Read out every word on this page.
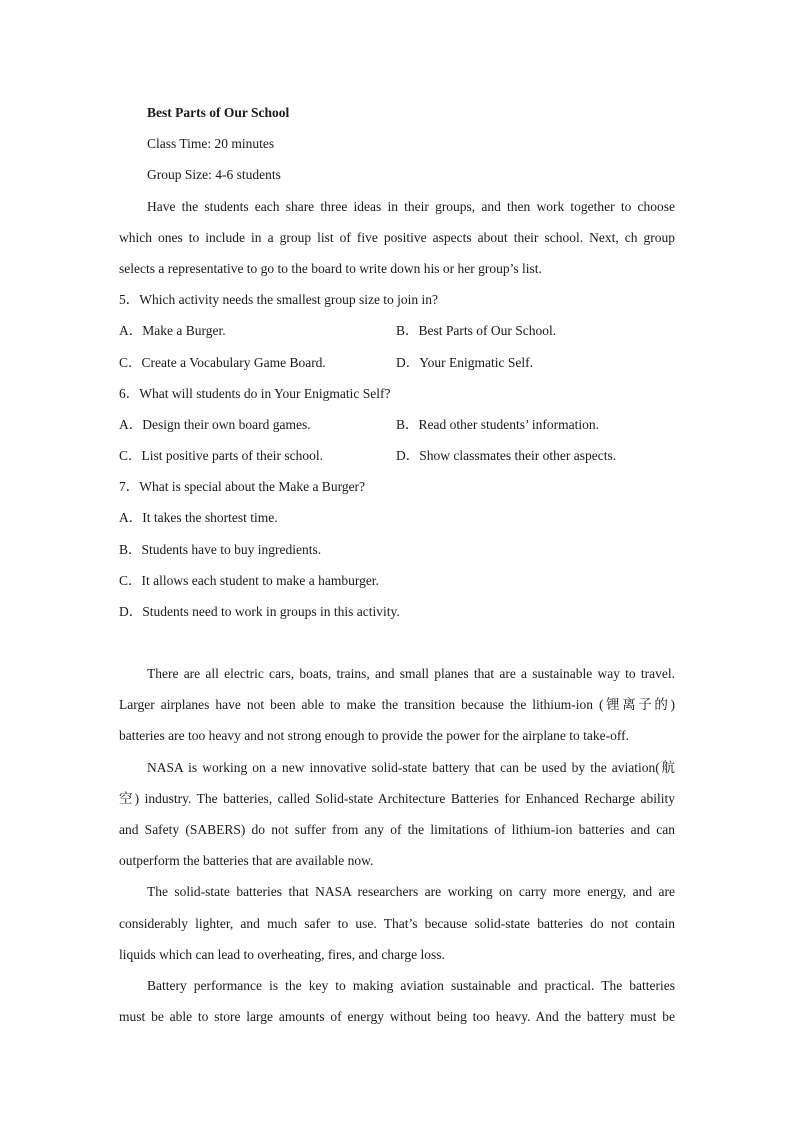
Best Parts of Our School
Class Time: 20 minutes
Group Size: 4-6 students
Have the students each share three ideas in their groups, and then work together to choose
which ones to include in a group list of five positive aspects about their school. Next, ch group
selects a representative to go to the board to write down his or her group’s list.
5．Which activity needs the smallest group size to join in?
A．Make a Burger.	B．Best Parts of Our School.
C．Create a Vocabulary Game Board.	D．Your Enigmatic Self.
6．What will students do in Your Enigmatic Self?
A．Design their own board games.	B．Read other students’ information.
C．List positive parts of their school.	D．Show classmates their other aspects.
7．What is special about the Make a Burger?
A．It takes the shortest time.
B．Students have to buy ingredients.
C．It allows each student to make a hamburger.
D．Students need to work in groups in this activity.
There are all electric cars, boats, trains, and small planes that are a sustainable way to travel.
Larger airplanes have not been able to make the transition because the lithium-ion (锂离子的)
batteries are too heavy and not strong enough to provide the power for the airplane to take-off.
NASA is working on a new innovative solid-state battery that can be used by the aviation(航
空) industry. The batteries, called Solid-state Architecture Batteries for Enhanced Recharge ability
and Safety (SABERS) do not suffer from any of the limitations of lithium-ion batteries and can
outperform the batteries that are available now.
The solid-state batteries that NASA researchers are working on carry more energy, and are
considerably lighter, and much safer to use. That’s because solid-state batteries do not contain
liquids which can lead to overheating, fires, and charge loss.
Battery performance is the key to making aviation sustainable and practical. The batteries
must be able to store large amounts of energy without being too heavy. And the battery must be
